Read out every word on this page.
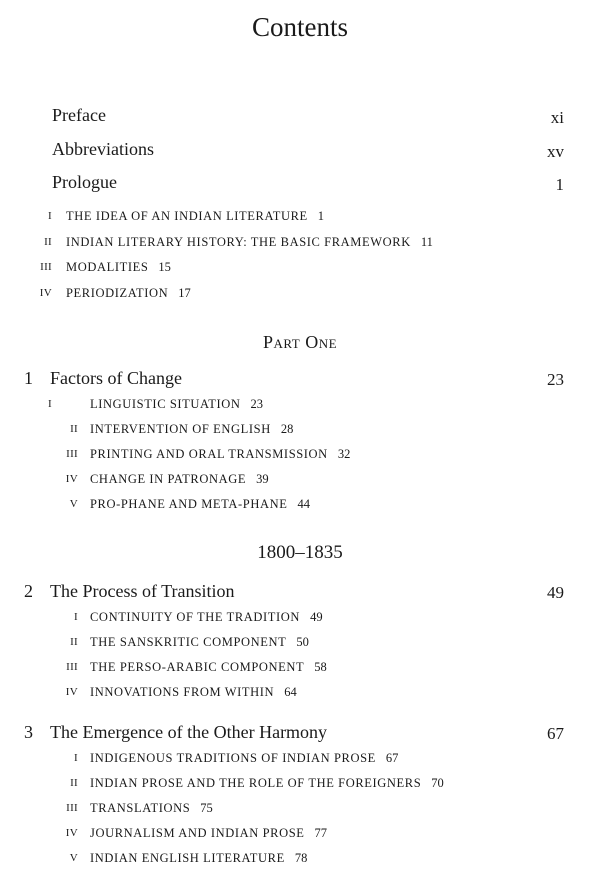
Contents
Preface	xi
Abbreviations	xv
Prologue	1
I THE IDEA OF AN INDIAN LITERATURE 1
II INDIAN LITERARY HISTORY: THE BASIC FRAMEWORK 11
III MODALITIES 15
IV PERIODIZATION 17
Part One
1 Factors of Change	23
I	LINGUISTIC SITUATION 23
II INTERVENTION OF ENGLISH 28
III PRINTING AND ORAL TRANSMISSION 32
IV CHANGE IN PATRONAGE 39
V PRO-PHANE AND META-PHANE 44
1800–1835
2 The Process of Transition	49
I CONTINUITY OF THE TRADITION 49
II THE SANSKRITIC COMPONENT 50
III THE PERSO-ARABIC COMPONENT 58
IV INNOVATIONS FROM WITHIN 64
3 The Emergence of the Other Harmony	67
I INDIGENOUS TRADITIONS OF INDIAN PROSE 67
II INDIAN PROSE AND THE ROLE OF THE FOREIGNERS 70
III TRANSLATIONS 75
IV JOURNALISM AND INDIAN PROSE 77
V INDIAN ENGLISH LITERATURE 78
